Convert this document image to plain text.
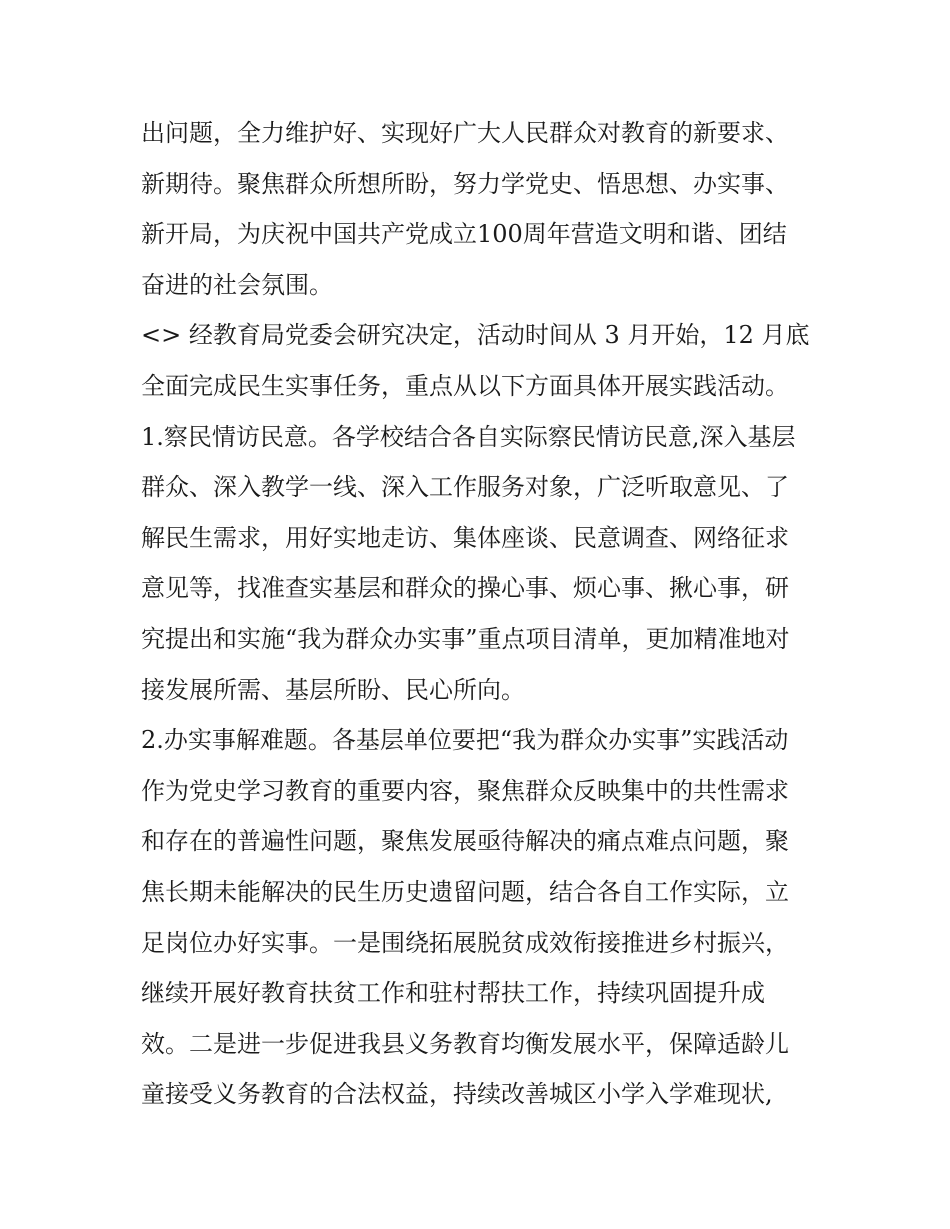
出问题，全力维护好、实现好广大人民群众对教育的新要求、
新期待。聚焦群众所想所盼，努力学党史、悟思想、办实事、
新开局，为庆祝中国共产党成立100周年营造文明和谐、团结
奋进的社会氛围。
<> 经教育局党委会研究决定，活动时间从 3 月开始，12 月底
全面完成民生实事任务，重点从以下方面具体开展实践活动。
1.察民情访民意。各学校结合各自实际察民情访民意,深入基层
群众、深入教学一线、深入工作服务对象，广泛听取意见、了
解民生需求，用好实地走访、集体座谈、民意调查、网络征求
意见等，找准查实基层和群众的操心事、烦心事、揪心事，研
究提出和实施“我为群众办实事”重点项目清单，更加精准地对
接发展所需、基层所盼、民心所向。
2.办实事解难题。各基层单位要把“我为群众办实事”实践活动
作为党史学习教育的重要内容，聚焦群众反映集中的共性需求
和存在的普遍性问题，聚焦发展亟待解决的痛点难点问题，聚
焦长期未能解决的民生历史遗留问题，结合各自工作实际，立
足岗位办好实事。一是围绕拓展脱贫成效衔接推进乡村振兴，
继续开展好教育扶贫工作和驻村帮扶工作，持续巩固提升成
效。二是进一步促进我县义务教育均衡发展水平，保障适龄儿
童接受义务教育的合法权益，持续改善城区小学入学难现状,
